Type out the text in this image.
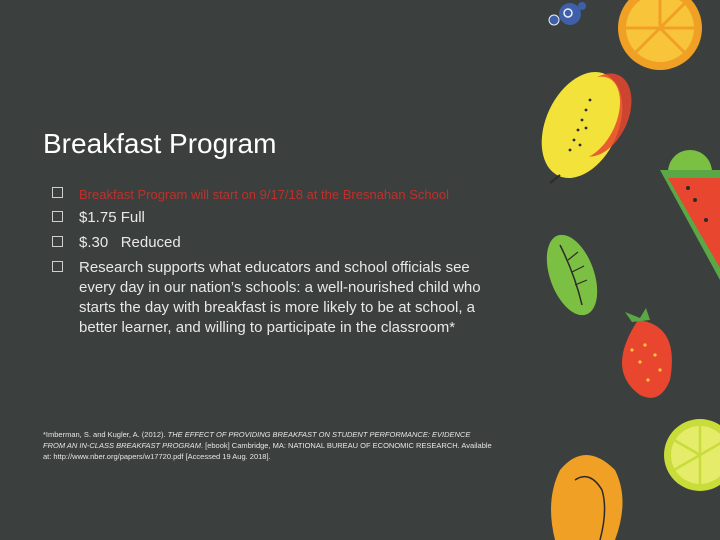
Breakfast Program
Breakfast Program will start on 9/17/18 at the Bresnahan School
$1.75 Full
$.30   Reduced
Research supports what educators and school officials see every day in our nation’s schools: a well-nourished child who starts the day with breakfast is more likely to be at school, a better learner, and willing to participate in the classroom*
*Imberman, S. and Kugler, A. (2012). THE EFFECT OF PROVIDING BREAKFAST ON STUDENT PERFORMANCE: EVIDENCE FROM AN IN-CLASS BREAKFAST PROGRAM. [ebook] Cambridge, MA: NATIONAL BUREAU OF ECONOMIC RESEARCH. Available at: http://www.nber.org/papers/w17720.pdf [Accessed 19 Aug. 2018].
